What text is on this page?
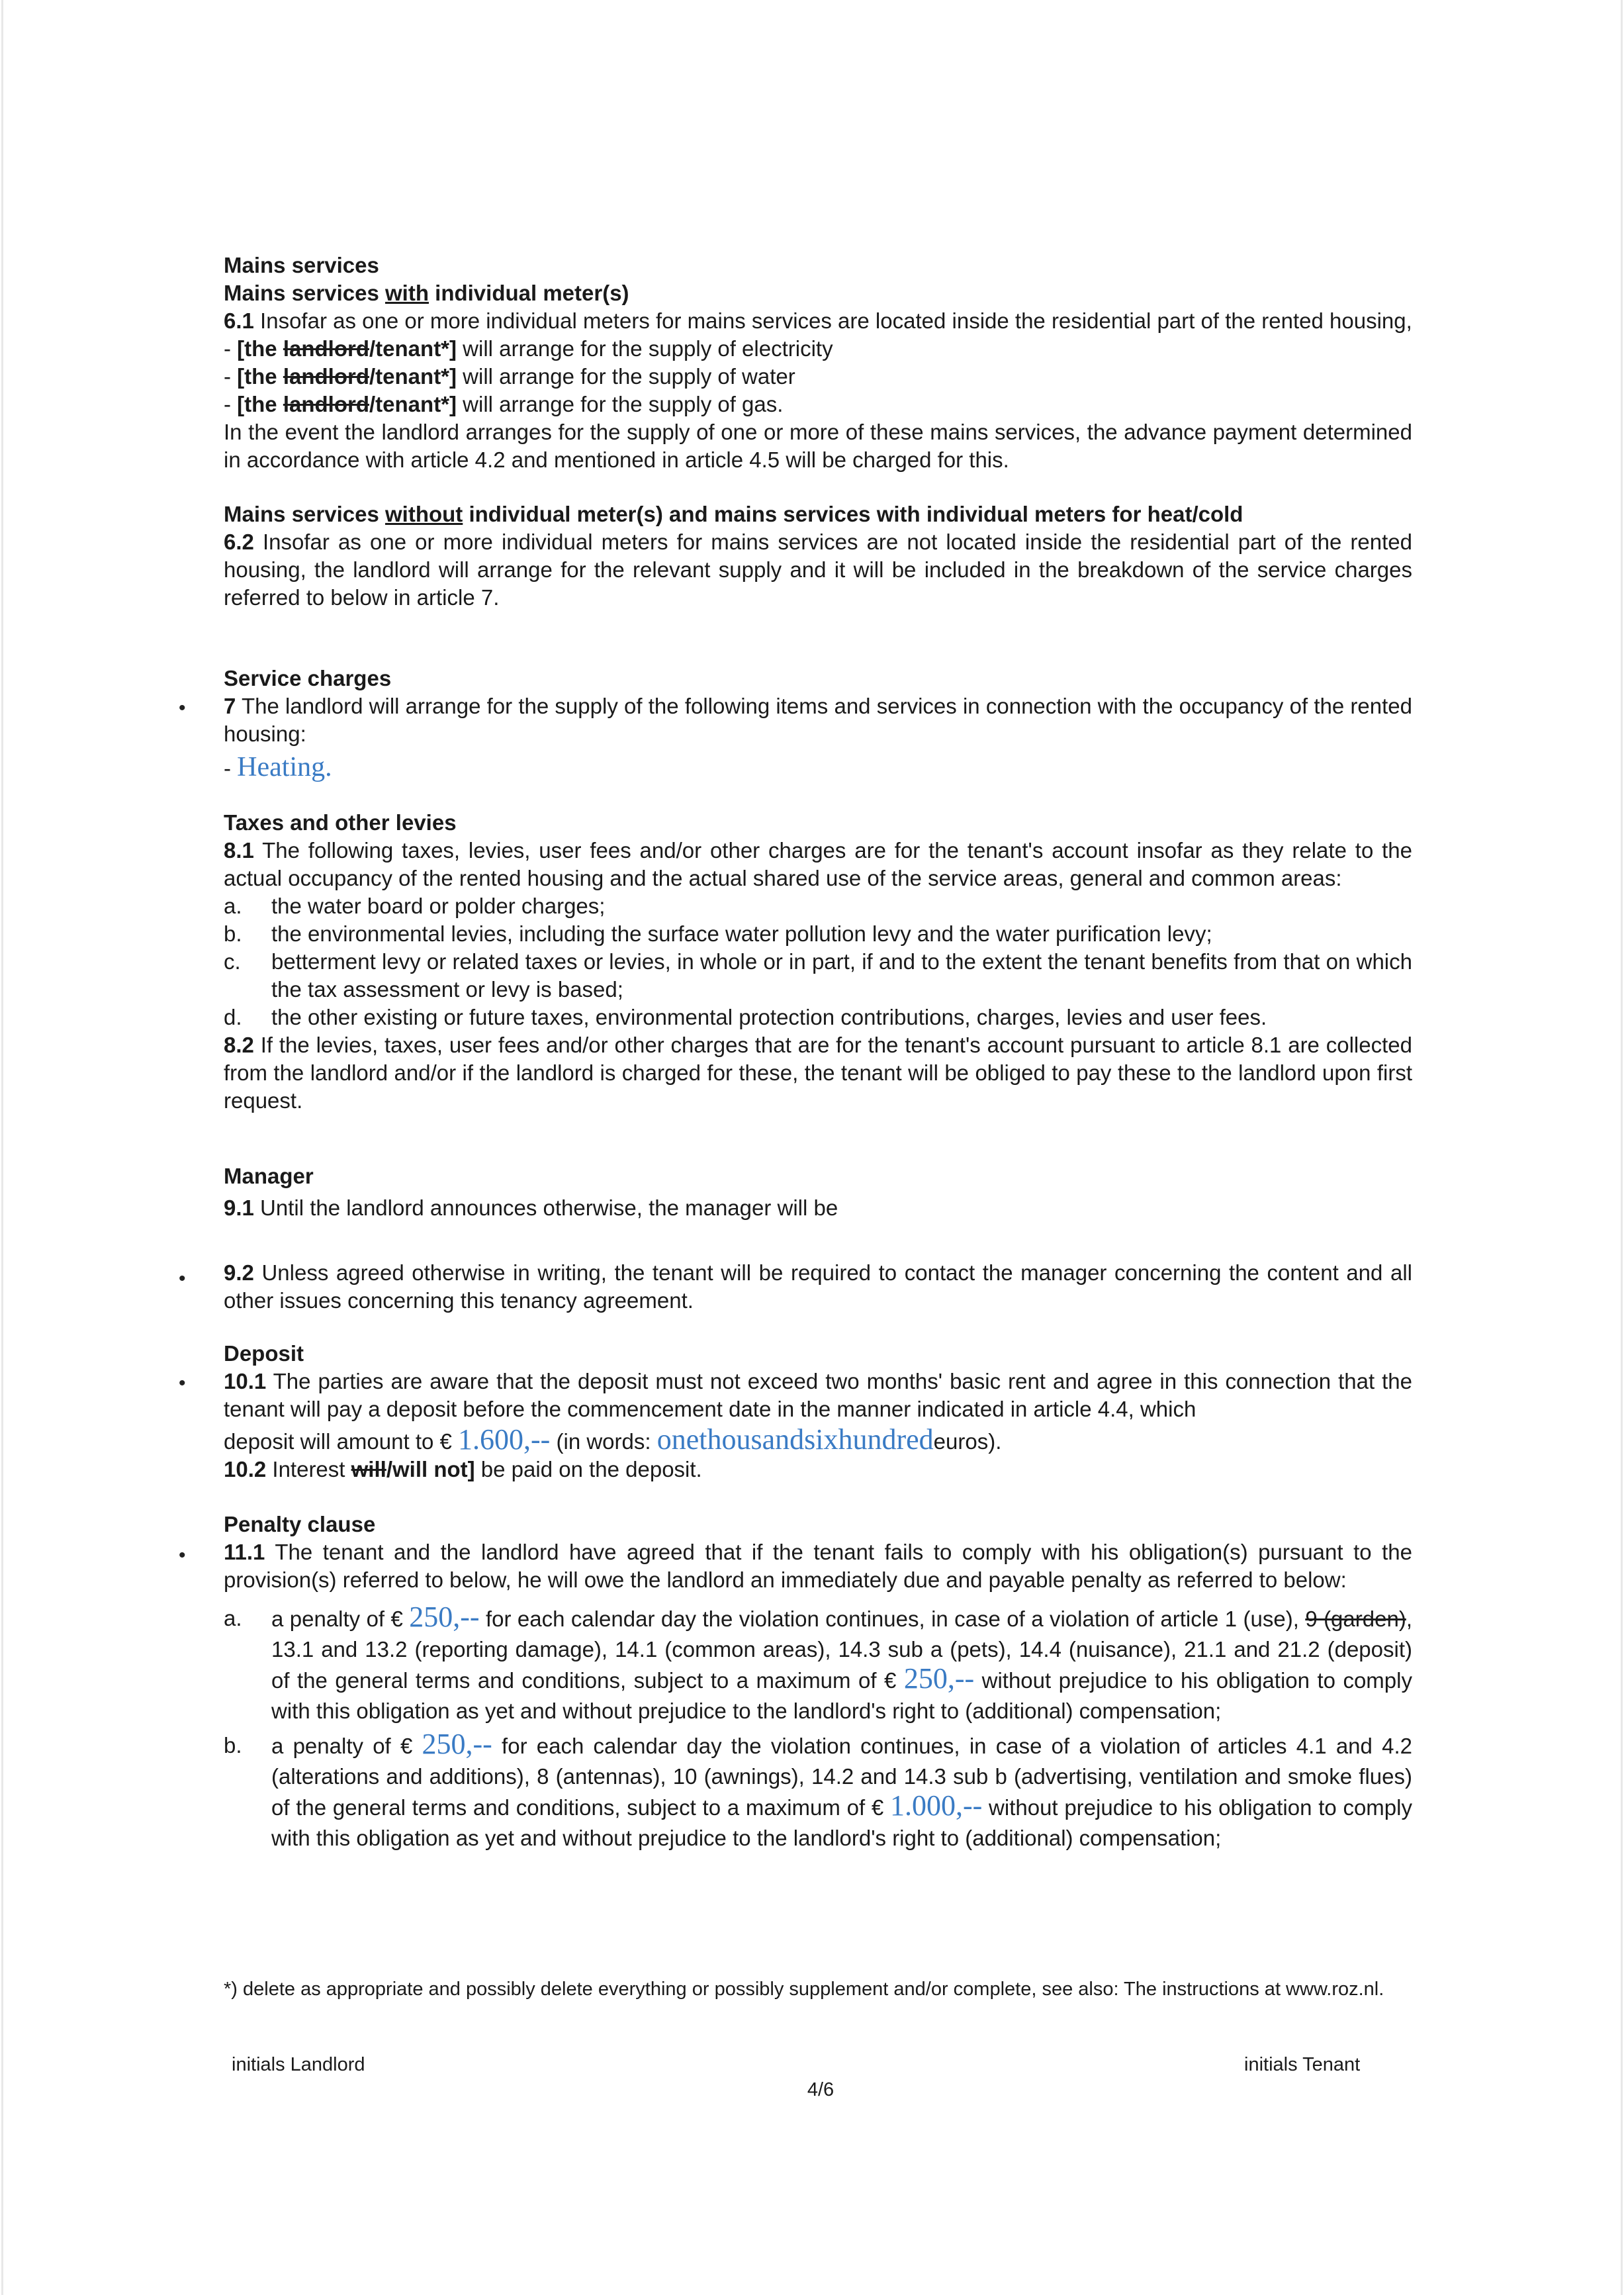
Mains services
Mains services with individual meter(s)
6.1 Insofar as one or more individual meters for mains services are located inside the residential part of the rented housing,
- [the landlord/tenant*] will arrange for the supply of electricity
- [the landlord/tenant*] will arrange for the supply of water
- [the landlord/tenant*] will arrange for the supply of gas.
In the event the landlord arranges for the supply of one or more of these mains services, the advance payment determined in accordance with article 4.2 and mentioned in article 4.5 will be charged for this.
Mains services without individual meter(s) and mains services with individual meters for heat/cold
6.2 Insofar as one or more individual meters for mains services are not located inside the residential part of the rented housing, the landlord will arrange for the relevant supply and it will be included in the breakdown of the service charges referred to below in article 7.
•
Service charges
7 The landlord will arrange for the supply of the following items and services in connection with the occupancy of the rented housing:
- Heating.
Taxes and other levies
8.1 The following taxes, levies, user fees and/or other charges are for the tenant's account insofar as they relate to the actual occupancy of the rented housing and the actual shared use of the service areas, general and common areas:
a.	the water board or polder charges;
b.	the environmental levies, including the surface water pollution levy and the water purification levy;
c.	betterment levy or related taxes or levies, in whole or in part, if and to the extent the tenant benefits from that on which the tax assessment or levy is based;
d.	the other existing or future taxes, environmental protection contributions, charges, levies and user fees.
8.2 If the levies, taxes, user fees and/or other charges that are for the tenant's account pursuant to article 8.1 are collected from the landlord and/or if the landlord is charged for these, the tenant will be obliged to pay these to the landlord upon first request.
Manager
9.1 Until the landlord announces otherwise, the manager will be
• 9.2 Unless agreed otherwise in writing, the tenant will be required to contact the manager concerning the content and all other issues concerning this tenancy agreement.
•
Deposit
10.1 The parties are aware that the deposit must not exceed two months' basic rent and agree in this connection that the tenant will pay a deposit before the commencement date in the manner indicated in article 4.4, which
deposit will amount to € 1.600,-- (in words: onethousandsixhundredeuros).
10.2 Interest will/will not] be paid on the deposit.
•
Penalty clause
11.1 The tenant and the landlord have agreed that if the tenant fails to comply with his obligation(s) pursuant to the provision(s) referred to below, he will owe the landlord an immediately due and payable penalty as referred to below:
a.	a penalty of € 250,-- for each calendar day the violation continues, in case of a violation of article 1 (use), 9 (garden), 13.1 and 13.2 (reporting damage), 14.1 (common areas), 14.3 sub a (pets), 14.4 (nuisance), 21.1 and 21.2 (deposit) of the general terms and conditions, subject to a maximum of € 250,-- without prejudice to his obligation to comply with this obligation as yet and without prejudice to the landlord's right to (additional) compensation;
b.	a penalty of € 250,-- for each calendar day the violation continues, in case of a violation of articles 4.1 and 4.2 (alterations and additions), 8 (antennas), 10 (awnings), 14.2 and 14.3 sub b (advertising, ventilation and smoke flues) of the general terms and conditions, subject to a maximum of € 1.000,-- without prejudice to his obligation to comply with this obligation as yet and without prejudice to the landlord's right to (additional) compensation;
*) delete as appropriate and possibly delete everything or possibly supplement and/or complete, see also: The instructions at www.roz.nl.
initials Landlord	initials Tenant
4/6
